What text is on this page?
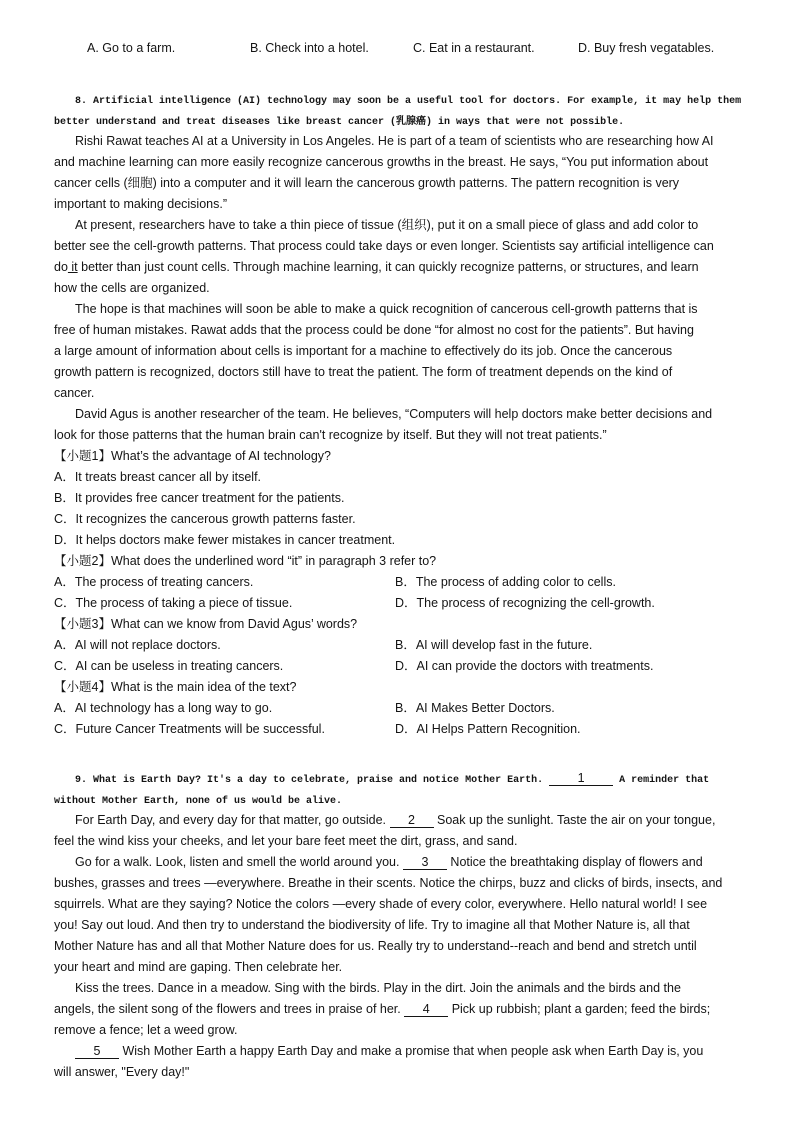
A. Go to a farm.	B. Check into a hotel.	C. Eat in a restaurant.	D. Buy fresh vegatables.
8. Artificial intelligence (AI) technology may soon be a useful tool for doctors. For example, it may help them
better understand and treat diseases like breast cancer (乳腺癌) in ways that were not possible.
Rishi Rawat teaches AI at a University in Los Angeles. He is part of a team of scientists who are researching how AI
and machine learning can more easily recognize cancerous growths in the breast. He says, “You put information about
cancer cells (细胞) into a computer and it will learn the cancerous growth patterns. The pattern recognition is very
important to making decisions.”
At present, researchers have to take a thin piece of tissue (组织), put it on a small piece of glass and add color to
better see the cell-growth patterns. That process could take days or even longer. Scientists say artificial intelligence can
do it better than just count cells. Through machine learning, it can quickly recognize patterns, or structures, and learn
how the cells are organized.
The hope is that machines will soon be able to make a quick recognition of cancerous cell-growth patterns that is
free of human mistakes. Rawat adds that the process could be done “for almost no cost for the patients”. But having
a large amount of information about cells is important for a machine to effectively do its job. Once the cancerous
growth pattern is recognized, doctors still have to treat the patient. The form of treatment depends on the kind of
cancer.
David Agus is another researcher of the team. He believes, “Computers will help doctors make better decisions and
look for those patterns that the human brain can't recognize by itself. But they will not treat patients.”
【小题1】What’s the advantage of AI technology?
A．It treats breast cancer all by itself.
B．It provides free cancer treatment for the patients.
C．It recognizes the cancerous growth patterns faster.
D．It helps doctors make fewer mistakes in cancer treatment.
【小题2】What does the underlined word “it” in paragraph 3 refer to?
A．The process of treating cancers.	B．The process of adding color to cells.
C．The process of taking a piece of tissue.	D．The process of recognizing the cell-growth.
【小题3】What can we know from David Agus’ words?
A．AI will not replace doctors.	B．AI will develop fast in the future.
C．AI can be useless in treating cancers.	D．AI can provide the doctors with treatments.
【小题4】What is the main idea of the text?
A．AI technology has a long way to go.	B．AI Makes Better Doctors.
C．Future Cancer Treatments will be successful.	D．AI Helps Pattern Recognition.
9. What is Earth Day? It's a day to celebrate, praise and notice Mother Earth. 1	A reminder that
without Mother Earth, none of us would be alive.
For Earth Day, and every day for that matter, go outside. 2 Soak up the sunlight. Taste the air on your tongue,
feel the wind kiss your cheeks, and let your bare feet meet the dirt, grass, and sand.
Go for a walk. Look, listen and smell the world around you. 3 Notice the breathtaking display of flowers and
bushes, grasses and trees —everywhere. Breathe in their scents. Notice the chirps, buzz and clicks of birds, insects, and
squirrels. What are they saying? Notice the colors —every shade of every color, everywhere. Hello natural world! I see
you! Say out loud. And then try to understand the biodiversity of life. Try to imagine all that Mother Nature is, all that
Mother Nature has and all that Mother Nature does for us. Really try to understand--reach and bend and stretch until
your heart and mind are gaping. Then celebrate her.
Kiss the trees. Dance in a meadow. Sing with the birds. Play in the dirt. Join the animals and the birds and the
angels, the silent song of the flowers and trees in praise of her. 4 Pick up rubbish; plant a garden; feed the birds;
remove a fence; let a weed grow.
5 Wish Mother Earth a happy Earth Day and make a promise that when people ask when Earth Day is, you
will answer, "Every day!"
